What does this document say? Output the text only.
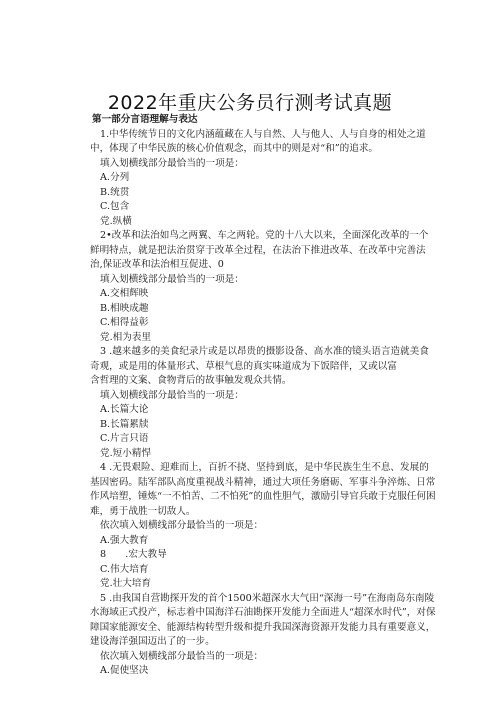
2022年重庆公务员行测考试真题

第一部分言语理解与表达

1.中华传统节日的文化内涵蕴藏在人与自然、人与他人、人与自身的相处之道中，体现了中华民族的核心价值观念，而其中的则是对“和”的追求。

填入划横线部分最恰当的一项是：

A.分列

B.统贯

C.包含

党.纵横

2•改革和法治如鸟之两翼、车之两轮。党的十八大以来，全面深化改革的一个鲜明特点，就是把法治贯穿于改革全过程，在法治下推进改革、在改革中完善法治,保证改革和法治相互促进、0

填入划横线部分最恰当的一项是：

A.交相辉映

B.相映成趣

C.相得益彰

党.相为表里

3 .越来越多的美食纪录片或是以昂贵的摄影设备、高水准的镜头语言造就美食奇观，或是用的体量形式、草根气息的真实味道成为下饭陪伴，又或以富

含哲理的文案、食物背后的故事触发观众共情。

填入划横线部分最恰当的一项是：

A.长篇大论

B.长篇累牍

C.片言只语

党.短小精悍

4 .无畏艰险、迎难而上，百折不挠、坚持到底，是中华民族生生不息、发展的基因密码。陆军部队高度重视战斗精神，通过大项任务磨砺、军事斗争淬炼、日常作风培塑，锤炼“一不怕苦、二不怕死”的血性胆气，激励引导官兵敢于克服任何困难，勇于战胜一切敌人。

依次填入划横线部分最恰当的一项是：

A.强大教育

8　　.宏大教导

C.伟大培育

党.壮大培育

5 .由我国自营勘探开发的首个1500米超深水大气田“深海一号”在海南岛东南陵水海域正式投产，标志着中国海洋石油勘探开发能力全面进人“超深水时代”，对保障国家能源安全、能源结构转型升级和提升我国深海资源开发能力具有重要意义，建设海洋强国迈出了的一步。

依次填入划横线部分最恰当的一项是：

A.促使坚决
